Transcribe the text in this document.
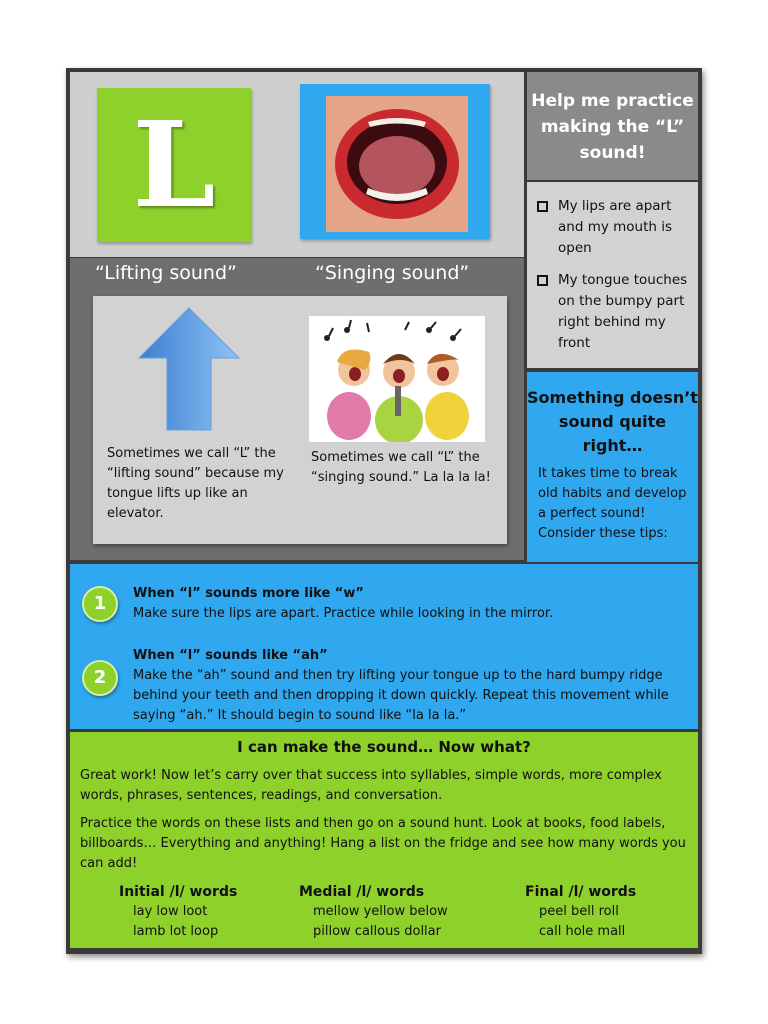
L
“Lifting sound”	“Singing sound”
Sometimes we call “L” the “lifting sound” because my tongue lifts up like an elevator.
Sometimes we call “L” the “singing sound.” La la la la!
Help me practice making the “L” sound!
My lips are apart and my mouth is open
My tongue touches on the bumpy part right behind my front
Something doesn’t sound quite right…
It takes time to break old habits and develop a perfect sound! Consider these tips:
1	When “l” sounds more like “w”
Make sure the lips are apart. Practice while looking in the mirror.
2
When “l” sounds like “ah”
Make the “ah” sound and then try lifting your tongue up to the hard bumpy ridge behind your teeth and then dropping it down quickly. Repeat this movement while saying “ah.” It should begin to sound like “la la la.”
I can make the sound… Now what?
Great work! Now let’s carry over that success into syllables, simple words, more complex words, phrases, sentences, readings, and conversation.
Practice the words on these lists and then go on a sound hunt. Look at books, food labels, billboards… Everything and anything! Hang a list on the fridge and see how many words you can add!
Initial /l/ words
lay low loot
lamb lot loop
Medial /l/ words
mellow yellow below
pillow callous dollar
Final /l/ words
peel bell roll
call hole mall
